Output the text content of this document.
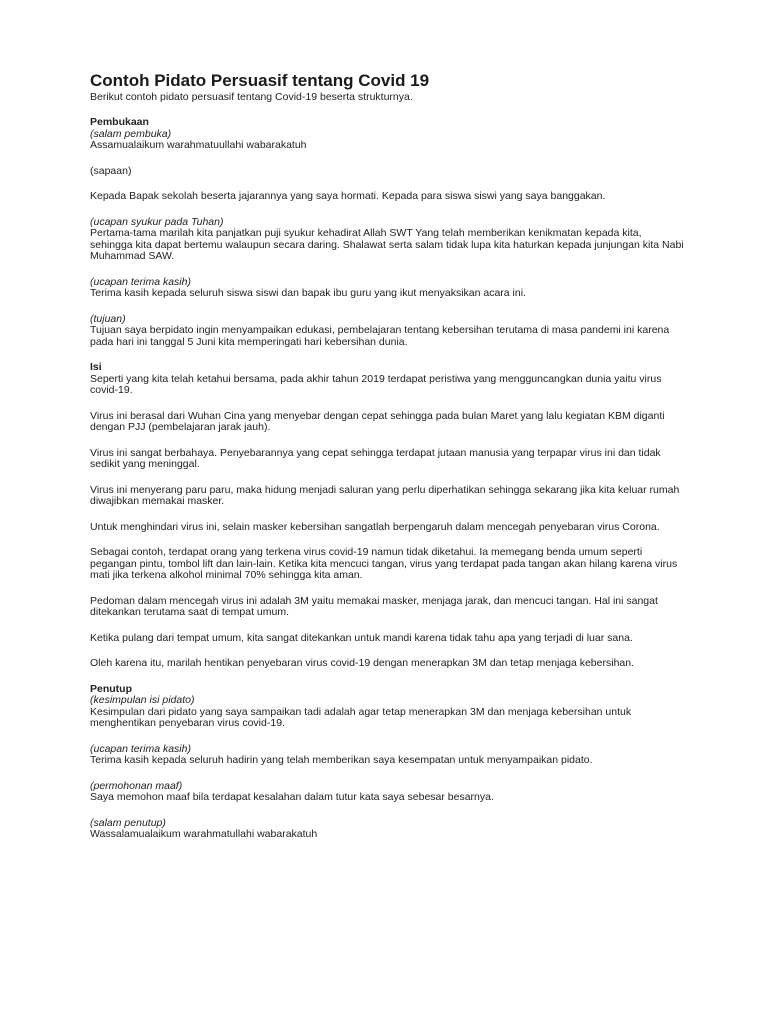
Contoh Pidato Persuasif tentang Covid 19

Berikut contoh pidato persuasif tentang Covid-19 beserta strukturnya.

Pembukaan

(salam pembuka)

Assamualaikum warahmatuullahi wabarakatuh

(sapaan)

Kepada Bapak sekolah beserta jajarannya yang saya hormati. Kepada para siswa siswi yang saya banggakan.

(ucapan syukur pada Tuhan)

Pertama-tama marilah kita panjatkan puji syukur kehadirat Allah SWT Yang telah memberikan kenikmatan kepada kita, sehingga kita dapat bertemu walaupun secara daring. Shalawat serta salam tidak lupa kita haturkan kepada junjungan kita Nabi Muhammad SAW.

(ucapan terima kasih)

Terima kasih kepada seluruh siswa siswi dan bapak ibu guru yang ikut menyaksikan acara ini.

(tujuan)

Tujuan saya berpidato ingin menyampaikan edukasi, pembelajaran tentang kebersihan terutama di masa pandemi ini karena pada hari ini tanggal 5 Juni kita memperingati hari kebersihan dunia.

Isi

Seperti yang kita telah ketahui bersama, pada akhir tahun 2019 terdapat peristiwa yang mengguncangkan dunia yaitu virus covid-19.

Virus ini berasal dari Wuhan Cina yang menyebar dengan cepat sehingga pada bulan Maret yang lalu kegiatan KBM diganti dengan PJJ (pembelajaran jarak jauh).

Virus ini sangat berbahaya. Penyebarannya yang cepat sehingga terdapat jutaan manusia yang terpapar virus ini dan tidak sedikit yang meninggal.

Virus ini menyerang paru paru, maka hidung menjadi saluran yang perlu diperhatikan sehingga sekarang jika kita keluar rumah diwajibkan memakai masker.

Untuk menghindari virus ini, selain masker kebersihan sangatlah berpengaruh dalam mencegah penyebaran virus Corona.

Sebagai contoh, terdapat orang yang terkena virus covid-19 namun tidak diketahui. Ia memegang benda umum seperti pegangan pintu, tombol lift dan lain-lain. Ketika kita mencuci tangan, virus yang terdapat pada tangan akan hilang karena virus mati jika terkena alkohol minimal 70% sehingga kita aman.

Pedoman dalam mencegah virus ini adalah 3M yaitu memakai masker, menjaga jarak, dan mencuci tangan. Hal ini sangat ditekankan terutama saat di tempat umum.

Ketika pulang dari tempat umum, kita sangat ditekankan untuk mandi karena tidak tahu apa yang terjadi di luar sana.

Oleh karena itu, marilah hentikan penyebaran virus covid-19 dengan menerapkan 3M dan tetap menjaga kebersihan.

Penutup

(kesimpulan isi pidato)

Kesimpulan dari pidato yang saya sampaikan tadi adalah agar tetap menerapkan 3M dan menjaga kebersihan untuk menghentikan penyebaran virus covid-19.

(ucapan terima kasih)

Terima kasih kepada seluruh hadirin yang telah memberikan saya kesempatan untuk menyampaikan pidato.

(permohonan maaf)

Saya memohon maaf bila terdapat kesalahan dalam tutur kata saya sebesar besarnya.

(salam penutup)

Wassalamualaikum warahmatullahi wabarakatuh
